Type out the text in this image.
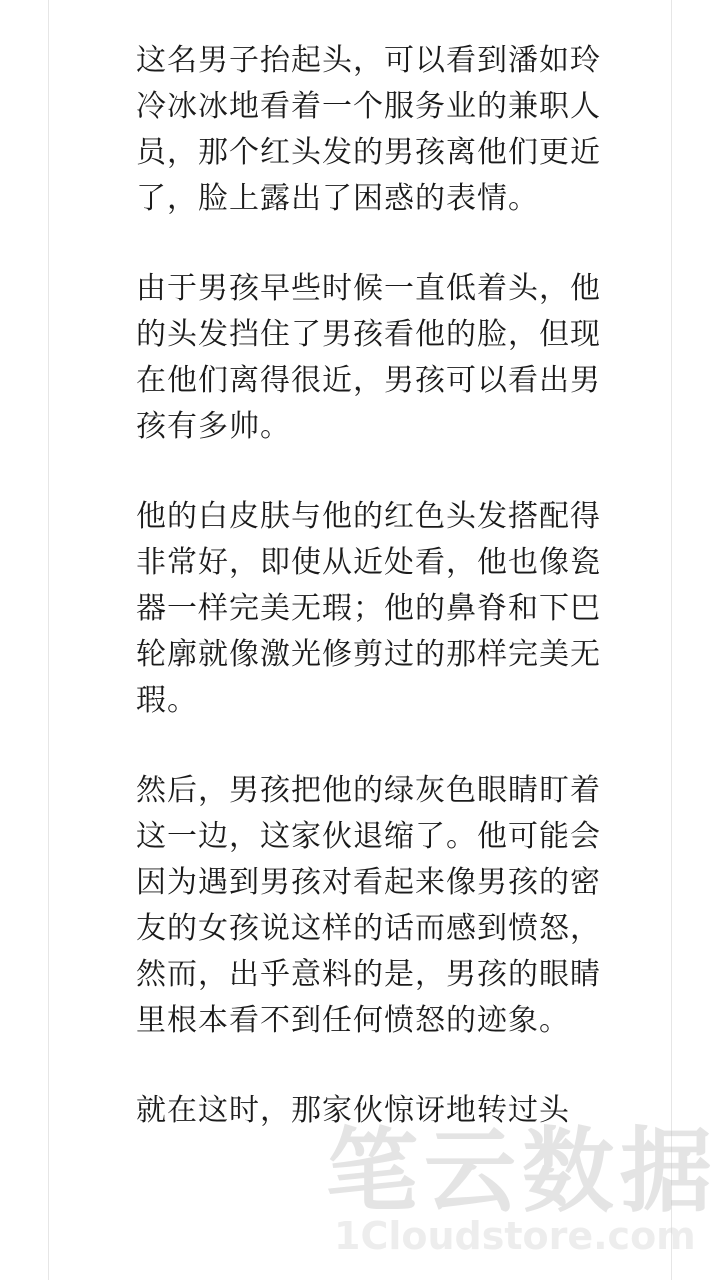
这名男子抬起头，可以看到潘如玲
冷冰冰地看着一个服务业的兼职人
员，那个红头发的男孩离他们更近
了，脸上露出了困惑的表情。

由于男孩早些时候一直低着头，他
的头发挡住了男孩看他的脸，但现
在他们离得很近，男孩可以看出男
孩有多帅。

他的白皮肤与他的红色头发搭配得
非常好，即使从近处看，他也像瓷
器一样完美无瑕；他的鼻脊和下巴
轮廓就像激光修剪过的那样完美无
瑕。

然后，男孩把他的绿灰色眼睛盯着
这一边，这家伙退缩了。他可能会
因为遇到男孩对看起来像男孩的密
友的女孩说这样的话而感到愤怒，
然而，出乎意料的是，男孩的眼睛
里根本看不到任何愤怒的迹象。

就在这时，那家伙惊讶地转过头

笔云数据
1Cloudstore.com
